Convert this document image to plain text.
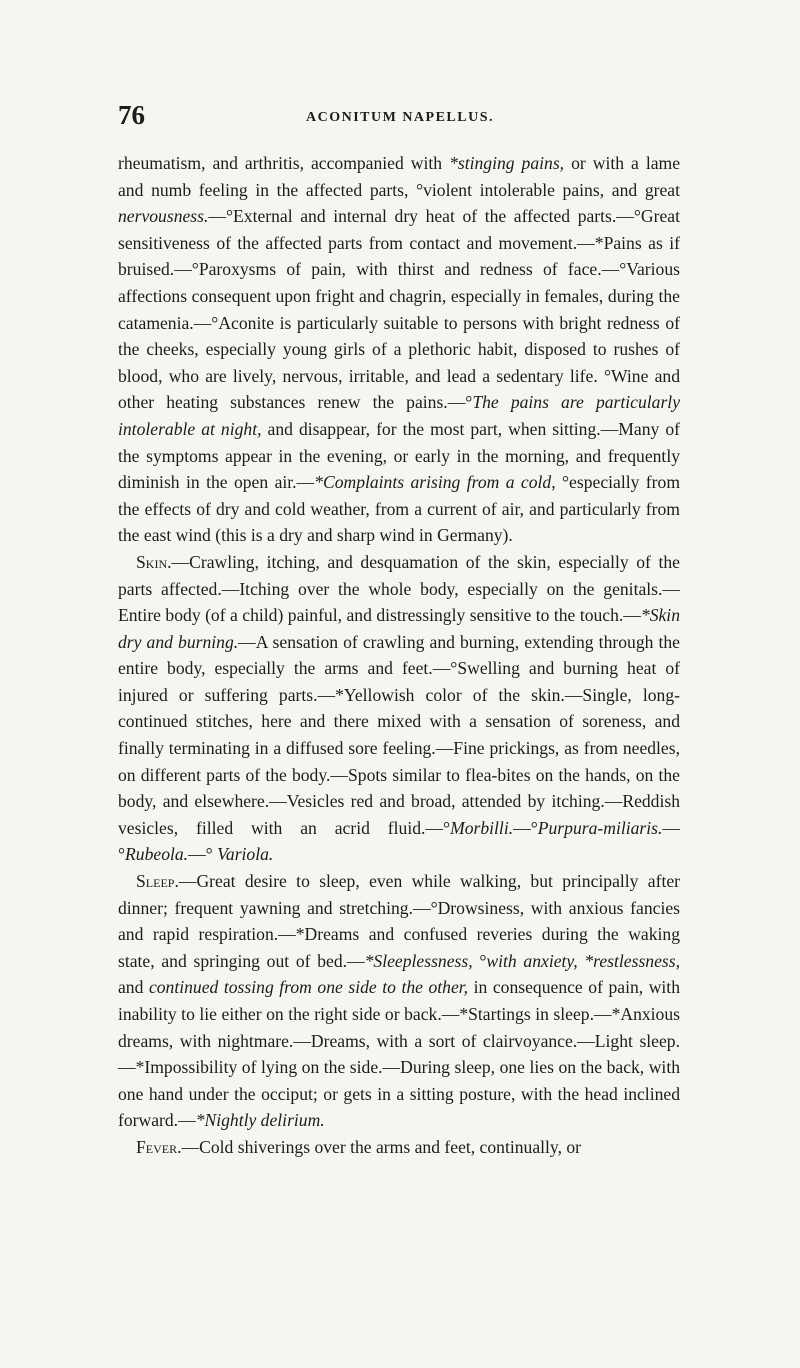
76	ACONITUM NAPELLUS.

rheumatism, and arthritis, accompanied with *stinging pains, or with a lame and numb feeling in the affected parts, °violent intolerable pains, and great nervousness.—°External and internal dry heat of the affected parts.—°Great sensitiveness of the affected parts from contact and movement.—*Pains as if bruised.—°Paroxysms of pain, with thirst and redness of face.—°Various affections consequent upon fright and chagrin, especially in females, during the catamenia.—°Aconite is particularly suitable to persons with bright redness of the cheeks, especially young girls of a plethoric habit, disposed to rushes of blood, who are lively, nervous, irritable, and lead a sedentary life. °Wine and other heating substances renew the pains.—°The pains are particularly intolerable at night, and disappear, for the most part, when sitting.—Many of the symptoms appear in the evening, or early in the morning, and frequently diminish in the open air.—*Complaints arising from a cold, °especially from the effects of dry and cold weather, from a current of air, and particularly from the east wind (this is a dry and sharp wind in Germany).

Skin.—Crawling, itching, and desquamation of the skin, especially of the parts affected.—Itching over the whole body, especially on the genitals.—Entire body (of a child) painful, and distressingly sensitive to the touch.—*Skin dry and burning.—A sensation of crawling and burning, extending through the entire body, especially the arms and feet.—°Swelling and burning heat of injured or suffering parts.—*Yellowish color of the skin.—Single, long-continued stitches, here and there mixed with a sensation of soreness, and finally terminating in a diffused sore feeling.—Fine prickings, as from needles, on different parts of the body.—Spots similar to flea-bites on the hands, on the body, and elsewhere.—Vesicles red and broad, attended by itching.—Reddish vesicles, filled with an acrid fluid.—°Morbilli.—°Purpura-miliaris.—°Rubeola.—° Variola.

Sleep.—Great desire to sleep, even while walking, but principally after dinner; frequent yawning and stretching.—°Drowsiness, with anxious fancies and rapid respiration.—*Dreams and confused reveries during the waking state, and springing out of bed.—*Sleeplessness, °with anxiety, *restlessness, and continued tossing from one side to the other, in consequence of pain, with inability to lie either on the right side or back.—*Startings in sleep.—*Anxious dreams, with nightmare.—Dreams, with a sort of clairvoyance.—Light sleep.—*Impossibility of lying on the side.—During sleep, one lies on the back, with one hand under the occiput; or gets in a sitting posture, with the head inclined forward.—*Nightly delirium.

Fever.—Cold shiverings over the arms and feet, continually, or
